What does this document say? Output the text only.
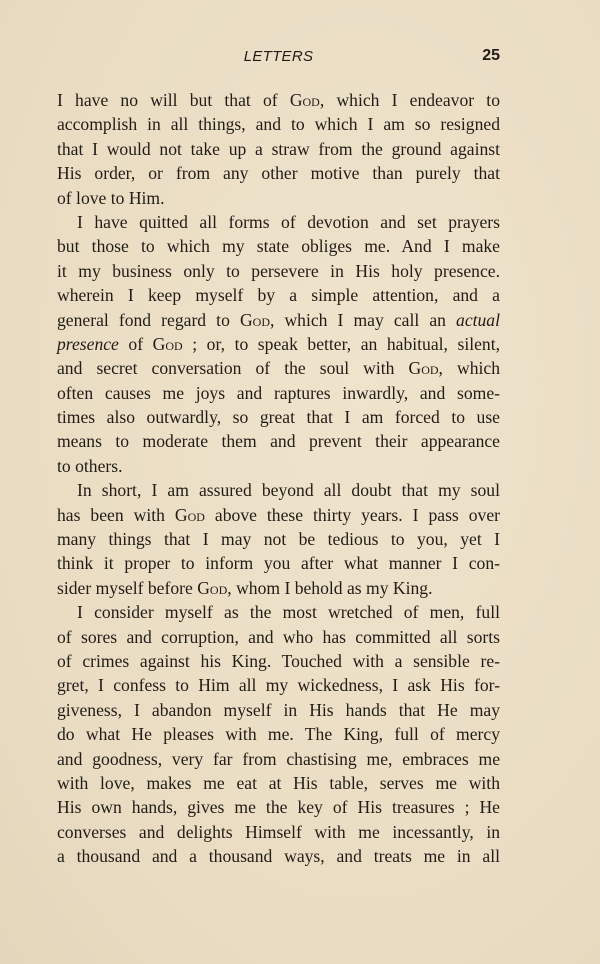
LETTERS	25
I have no will but that of God, which I endeavor to
accomplish in all things, and to which I am so resigned
that I would not take up a straw from the ground against
His order, or from any other motive than purely that
of love to Him.
I have quitted all forms of devotion and set prayers
but those to which my state obliges me. And I make
it my business only to persevere in His holy presence.
wherein I keep myself by a simple attention, and a
general fond regard to God, which I may call an actual
presence of God ; or, to speak better, an habitual, silent,
and secret conversation of the soul with God, which
often causes me joys and raptures inwardly, and some-
times also outwardly, so great that I am forced to use
means to moderate them and prevent their appearance
to others.
In short, I am assured beyond all doubt that my soul
has been with God above these thirty years. I pass over
many things that I may not be tedious to you, yet I
think it proper to inform you after what manner I con-
sider myself before God, whom I behold as my King.
I consider myself as the most wretched of men, full
of sores and corruption, and who has committed all sorts
of crimes against his King. Touched with a sensible re-
gret, I confess to Him all my wickedness, I ask His for-
giveness, I abandon myself in His hands that He may
do what He pleases with me. The King, full of mercy
and goodness, very far from chastising me, embraces me
with love, makes me eat at His table, serves me with
His own hands, gives me the key of His treasures ; He
converses and delights Himself with me incessantly, in
a thousand and a thousand ways, and treats me in all
